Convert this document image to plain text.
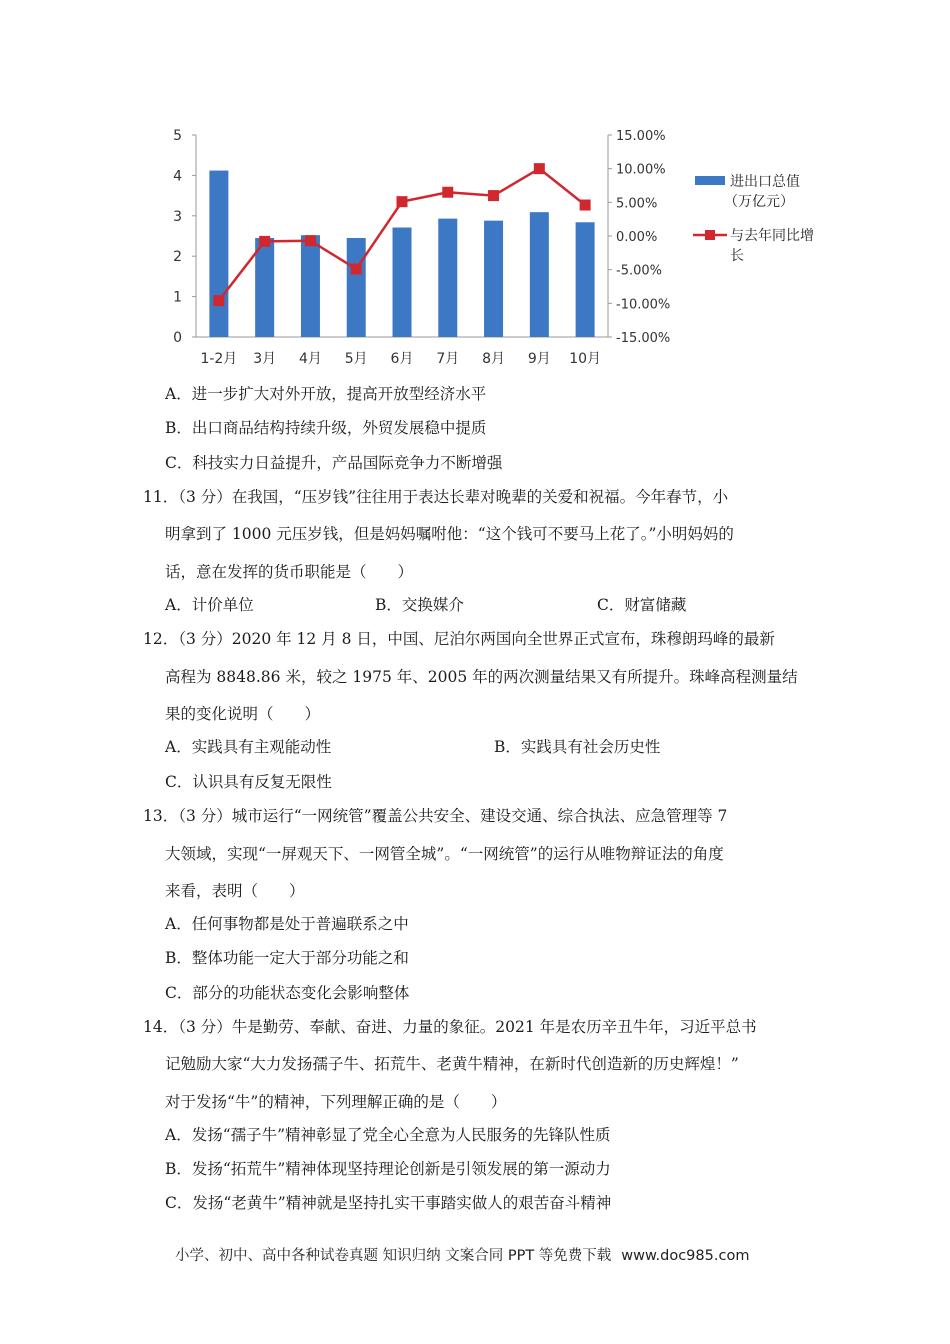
0
1
2
3
4
5
-15.00%
-10.00%
-5.00%
0.00%
5.00%
10.00%
15.00%
1-2月 3月 4月 5月 6月 7月 8月 9月 10月
进出口总值
（万亿元）
与去年同比增
长
A．进一步扩大对外开放，提高开放型经济水平
B．出口商品结构持续升级，外贸发展稳中提质
C．科技实力日益提升，产品国际竞争力不断增强
11．（3 分）在我国，“压岁钱”往往用于表达长辈对晚辈的关爱和祝福。今年春节，小
明拿到了 1000 元压岁钱，但是妈妈嘱咐他：“这个钱可不要马上花了。”小明妈妈的
话，意在发挥的货币职能是（　　）
A．计价单位	B．交换媒介	C．财富储藏
12．（3 分）2020 年 12 月 8 日，中国、尼泊尔两国向全世界正式宣布，珠穆朗玛峰的最新
高程为 8848.86 米，较之 1975 年、2005 年的两次测量结果又有所提升。珠峰高程测量结
果的变化说明（　　）
A．实践具有主观能动性	B．实践具有社会历史性
C．认识具有反复无限性
13．（3 分）城市运行“一网统管”覆盖公共安全、建设交通、综合执法、应急管理等 7
大领域，实现“一屏观天下、一网管全城”。“一网统管”的运行从唯物辩证法的角度
来看，表明（　　）
A．任何事物都是处于普遍联系之中
B．整体功能一定大于部分功能之和
C．部分的功能状态变化会影响整体
14．（3 分）牛是勤劳、奉献、奋进、力量的象征。2021 年是农历辛丑牛年，习近平总书
记勉励大家“大力发扬孺子牛、拓荒牛、老黄牛精神，在新时代创造新的历史辉煌！”
对于发扬“牛”的精神，下列理解正确的是（　　）
A．发扬“孺子牛”精神彰显了党全心全意为人民服务的先锋队性质
B．发扬“拓荒牛”精神体现坚持理论创新是引领发展的第一源动力
C．发扬“老黄牛”精神就是坚持扎实干事踏实做人的艰苦奋斗精神
小学、初中、高中各种试卷真题 知识归纳 文案合同 PPT 等免费下载 www.doc985.com
